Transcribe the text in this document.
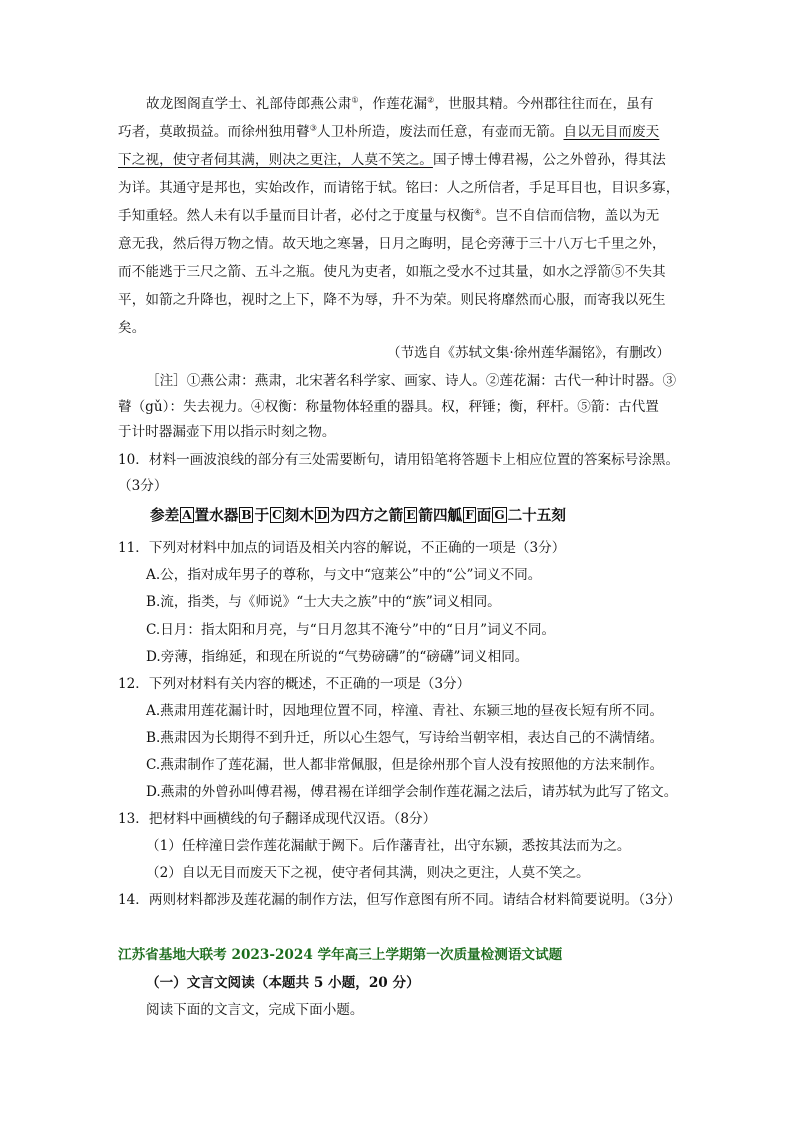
故龙图阁直学士、礼部侍郎燕公肃①，作莲花漏②，世服其精。今州郡往往而在，虽有
巧者，莫敢损益。而徐州独用瞽③人卫朴所造，废法而任意，有壶而无箭。自以无目而废天
下之视，使守者伺其满，则决之更注，人莫不笑之。国子博士傅君裼，公之外曾孙，得其法
为详。其通守是邦也，实始改作，而请铭于轼。铭曰：人之所信者，手足耳目也，目识多寡，
手知重轻。然人未有以手量而目计者，必付之于度量与权衡④。岂不自信而信物，盖以为无
意无我，然后得万物之情。故天地之寒暑，日月之晦明，昆仑旁薄于三十八万七千里之外，
而不能逃于三尺之箭、五斗之瓶。使凡为吏者，如瓶之受水不过其量，如水之浮箭⑤不失其
平，如箭之升降也，视时之上下，降不为辱，升不为荣。则民将靡然而心服，而寄我以死生
矣。
（节选自《苏轼文集·徐州莲华漏铭》，有删改）
［注］①燕公肃：燕肃，北宋著名科学家、画家、诗人。②莲花漏：古代一种计时器。③
瞽（gǔ）：失去视力。④权衡：称量物体轻重的器具。权，秤锤；衡，秤杆。⑤箭：古代置
于计时器漏壶下用以指示时刻之物。
10．材料一画波浪线的部分有三处需要断句，请用铅笔将答题卡上相应位置的答案标号涂黑。
（3分）
参差 A 置水器 B 于 C 刻木 D 为四方之箭 E 箭四觚 F 面 G 二十五刻
11．下列对材料中加点的词语及相关内容的解说，不正确的一项是（3分）
A.公，指对成年男子的尊称，与文中“寇莱公”中的“公”词义不同。
B.流，指类，与《师说》“士大夫之族”中的“族”词义相同。
C.日月：指太阳和月亮，与“日月忽其不淹兮”中的“日月”词义不同。
D.旁薄，指绵延，和现在所说的“气势磅礴”的“磅礴”词义相同。
12．下列对材料有关内容的概述，不正确的一项是（3分）
A.燕肃用莲花漏计时，因地理位置不同，梓潼、青社、东颍三地的昼夜长短有所不同。
B.燕肃因为长期得不到升迁，所以心生怨气，写诗给当朝宰相，表达自己的不满情绪。
C.燕肃制作了莲花漏，世人都非常佩服，但是徐州那个盲人没有按照他的方法来制作。
D.燕肃的外曾孙叫傅君裼，傅君裼在详细学会制作莲花漏之法后，请苏轼为此写了铭文。
13．把材料中画横线的句子翻译成现代汉语。（8分）
（1）任梓潼日尝作莲花漏献于阙下。后作藩青社，出守东颍，悉按其法而为之。
（2）自以无目而废天下之视，使守者伺其满，则决之更注，人莫不笑之。
14．两则材料都涉及莲花漏的制作方法，但写作意图有所不同。请结合材料简要说明。（3分）
江苏省基地大联考 2023-2024 学年高三上学期第一次质量检测语文试题
（一）文言文阅读（本题共 5 小题，20 分）
阅读下面的文言文，完成下面小题。
